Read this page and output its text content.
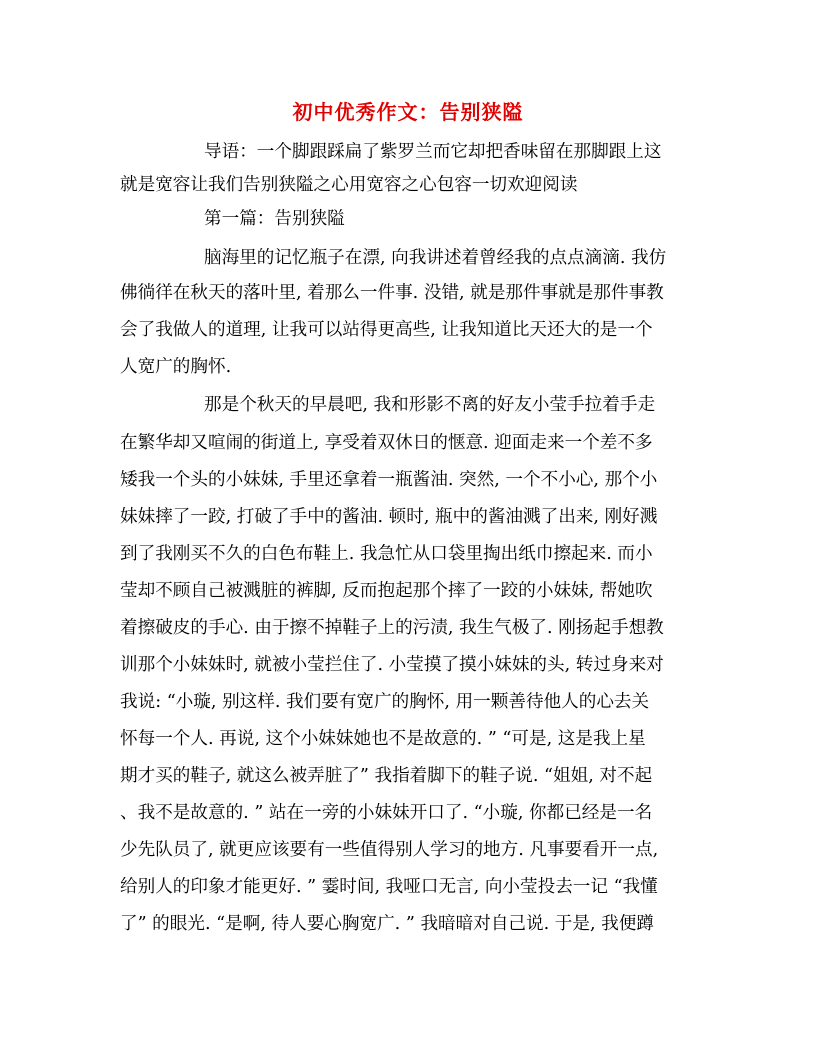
初中优秀作文：告别狭隘
导语：一个脚跟踩扁了紫罗兰而它却把香味留在那脚跟上这
就是宽容让我们告别狭隘之心用宽容之心包容一切欢迎阅读
第一篇：告别狭隘
脑海里的记忆瓶子在漂, 向我讲述着曾经我的点点滴滴. 我仿
佛徜徉在秋天的落叶里, 着那么一件事. 没错, 就是那件事就是那件事教
会了我做人的道理, 让我可以站得更高些, 让我知道比天还大的是一个
人宽广的胸怀.
那是个秋天的早晨吧, 我和形影不离的好友小莹手拉着手走
在繁华却又喧闹的街道上, 享受着双休日的惬意. 迎面走来一个差不多
矮我一个头的小妹妹, 手里还拿着一瓶酱油. 突然, 一个不小心, 那个小
妹妹摔了一跤, 打破了手中的酱油. 顿时, 瓶中的酱油溅了出来, 刚好溅
到了我刚买不久的白色布鞋上. 我急忙从口袋里掏出纸巾擦起来. 而小
莹却不顾自己被溅脏的裤脚, 反而抱起那个摔了一跤的小妹妹, 帮她吹
着擦破皮的手心. 由于擦不掉鞋子上的污渍, 我生气极了. 刚扬起手想教
训那个小妹妹时, 就被小莹拦住了. 小莹摸了摸小妹妹的头, 转过身来对
我说: “小璇, 别这样. 我们要有宽广的胸怀, 用一颗善待他人的心去关
怀每一个人. 再说, 这个小妹妹她也不是故意的. ” “可是, 这是我上星
期才买的鞋子, 就这么被弄脏了” 我指着脚下的鞋子说. “姐姐, 对不起
、我不是故意的. ” 站在一旁的小妹妹开口了. “小璇, 你都已经是一名
少先队员了, 就更应该要有一些值得别人学习的地方. 凡事要看开一点,
给别人的印象才能更好. ” 霎时间, 我哑口无言, 向小莹投去一记 “我懂
了” 的眼光. “是啊, 待人要心胸宽广. ” 我暗暗对自己说. 于是, 我便蹲
